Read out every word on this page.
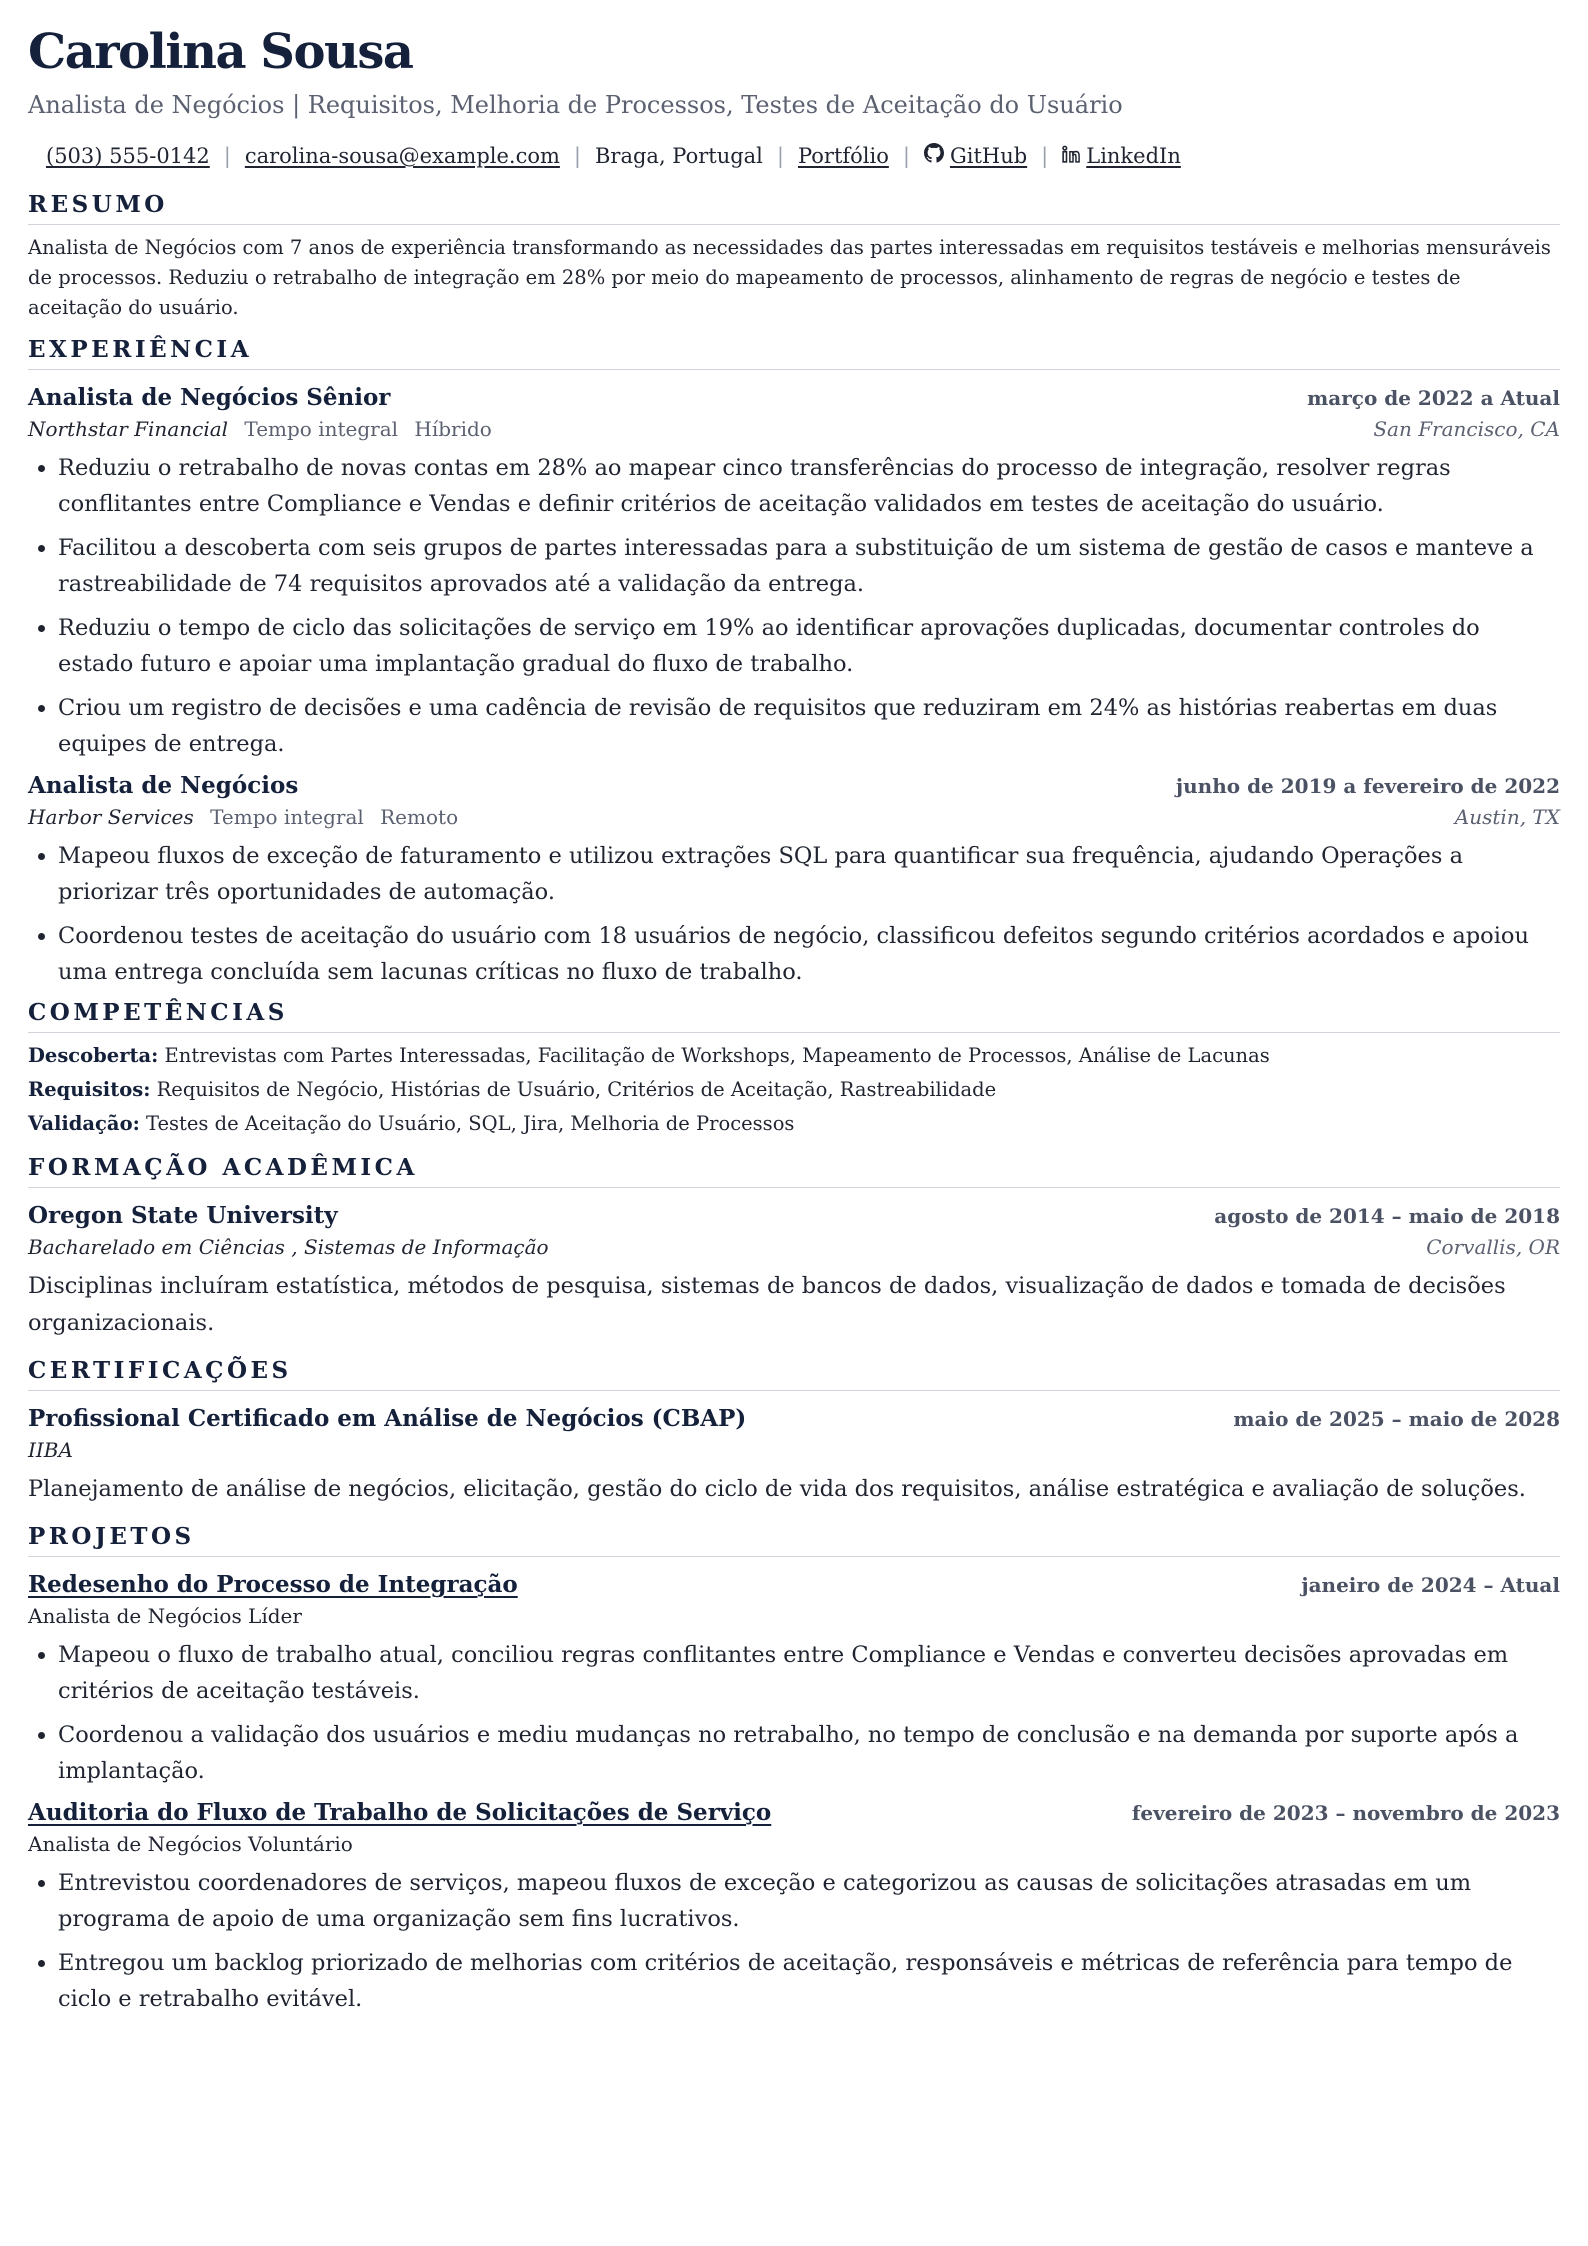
Carolina Sousa
Analista de Negócios | Requisitos, Melhoria de Processos, Testes de Aceitação do Usuário
(503) 555-0142 | carolina-sousa@example.com | Braga, Portugal | Portfólio | GitHub | LinkedIn
RESUMO
Analista de Negócios com 7 anos de experiência transformando as necessidades das partes interessadas em requisitos testáveis e melhorias mensuráveis de processos. Reduziu o retrabalho de integração em 28% por meio do mapeamento de processos, alinhamento de regras de negócio e testes de aceitação do usuário.
EXPERIÊNCIA
Analista de Negócios Sênior	março de 2022 a Atual
Northstar Financial Tempo integral Híbrido	San Francisco, CA
• Reduziu o retrabalho de novas contas em 28% ao mapear cinco transferências do processo de integração, resolver regras conflitantes entre Compliance e Vendas e definir critérios de aceitação validados em testes de aceitação do usuário.
• Facilitou a descoberta com seis grupos de partes interessadas para a substituição de um sistema de gestão de casos e manteve a rastreabilidade de 74 requisitos aprovados até a validação da entrega.
• Reduziu o tempo de ciclo das solicitações de serviço em 19% ao identificar aprovações duplicadas, documentar controles do estado futuro e apoiar uma implantação gradual do fluxo de trabalho.
• Criou um registro de decisões e uma cadência de revisão de requisitos que reduziram em 24% as histórias reabertas em duas equipes de entrega.
Analista de Negócios	junho de 2019 a fevereiro de 2022
Harbor Services Tempo integral Remoto	Austin, TX
• Mapeou fluxos de exceção de faturamento e utilizou extrações SQL para quantificar sua frequência, ajudando Operações a priorizar três oportunidades de automação.
• Coordenou testes de aceitação do usuário com 18 usuários de negócio, classificou defeitos segundo critérios acordados e apoiou uma entrega concluída sem lacunas críticas no fluxo de trabalho.
COMPETÊNCIAS
Descoberta: Entrevistas com Partes Interessadas, Facilitação de Workshops, Mapeamento de Processos, Análise de Lacunas
Requisitos: Requisitos de Negócio, Histórias de Usuário, Critérios de Aceitação, Rastreabilidade
Validação: Testes de Aceitação do Usuário, SQL, Jira, Melhoria de Processos
FORMAÇÃO ACADÊMICA
Oregon State University	agosto de 2014 – maio de 2018
Bacharelado em Ciências , Sistemas de Informação	Corvallis, OR
Disciplinas incluíram estatística, métodos de pesquisa, sistemas de bancos de dados, visualização de dados e tomada de decisões organizacionais.
CERTIFICAÇÕES
Profissional Certificado em Análise de Negócios (CBAP)	maio de 2025 – maio de 2028
IIBA
Planejamento de análise de negócios, elicitação, gestão do ciclo de vida dos requisitos, análise estratégica e avaliação de soluções.
PROJETOS
Redesenho do Processo de Integração	janeiro de 2024 – Atual
Analista de Negócios Líder
• Mapeou o fluxo de trabalho atual, conciliou regras conflitantes entre Compliance e Vendas e converteu decisões aprovadas em critérios de aceitação testáveis.
• Coordenou a validação dos usuários e mediu mudanças no retrabalho, no tempo de conclusão e na demanda por suporte após a implantação.
Auditoria do Fluxo de Trabalho de Solicitações de Serviço	fevereiro de 2023 – novembro de 2023
Analista de Negócios Voluntário
• Entrevistou coordenadores de serviços, mapeou fluxos de exceção e categorizou as causas de solicitações atrasadas em um programa de apoio de uma organização sem fins lucrativos.
• Entregou um backlog priorizado de melhorias com critérios de aceitação, responsáveis e métricas de referência para tempo de ciclo e retrabalho evitável.
